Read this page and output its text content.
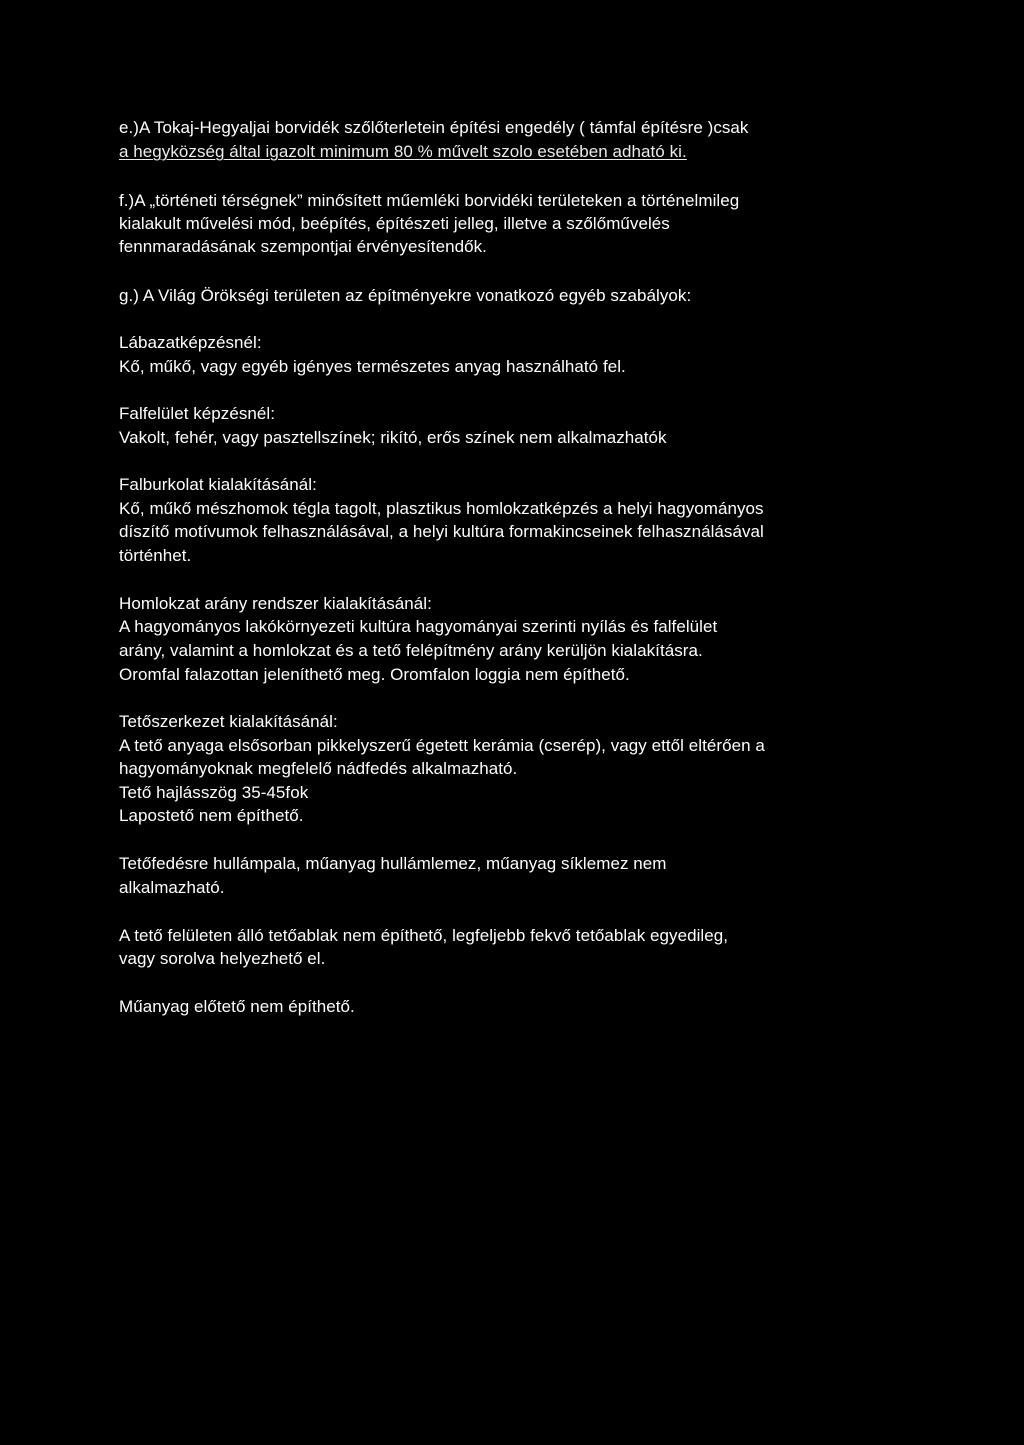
e.)A Tokaj-Hegyaljai borvidék szőlőterletein építési engedély ( támfal építésre )csak
a hegyközség által igazolt minimum 80 % művelt szolo esetében adható ki.
f.)A „történeti térségnek” minősített műemléki borvidéki területeken a történelmileg
kialakult művelési mód, beépítés, építészeti jelleg, illetve a szőlőművelés
fennmaradásának szempontjai érvényesítendők.
g.) A Világ Örökségi területen az építményekre vonatkozó egyéb szabályok:
Lábazatképzésnél:
Kő, műkő, vagy egyéb igényes természetes anyag használható fel.
Falfelület képzésnél:
Vakolt, fehér, vagy pasztellszínek; rikító, erős színek nem alkalmazhatók
Falburkolat kialakításánál:
Kő, műkő mészhomok tégla tagolt, plasztikus homlokzatképzés a helyi hagyományos
díszítő motívumok felhasználásával, a helyi kultúra formakincseinek felhasználásával
történhet.
Homlokzat arány rendszer kialakításánál:
A hagyományos lakókörnyezeti kultúra hagyományai szerinti nyílás és falfelület
arány, valamint a homlokzat és a tető felépítmény arány kerüljön kialakításra.
Oromfal falazottan jeleníthető meg. Oromfalon loggia nem építhető.
Tetőszerkezet kialakításánál:
A tető anyaga elsősorban pikkelyszerű égetett kerámia (cserép), vagy ettől eltérően a
hagyományoknak megfelelő nádfedés alkalmazható.
Tető hajlásszög 35-45fok
Lapostető nem építhető.
Tetőfedésre hullámpala, műanyag hullámlemez, műanyag síklemez nem
alkalmazható.
A tető felületen álló tetőablak nem építhető, legfeljebb fekvő tetőablak egyedileg,
vagy sorolva helyezhető el.
Műanyag előtető nem építhető.
